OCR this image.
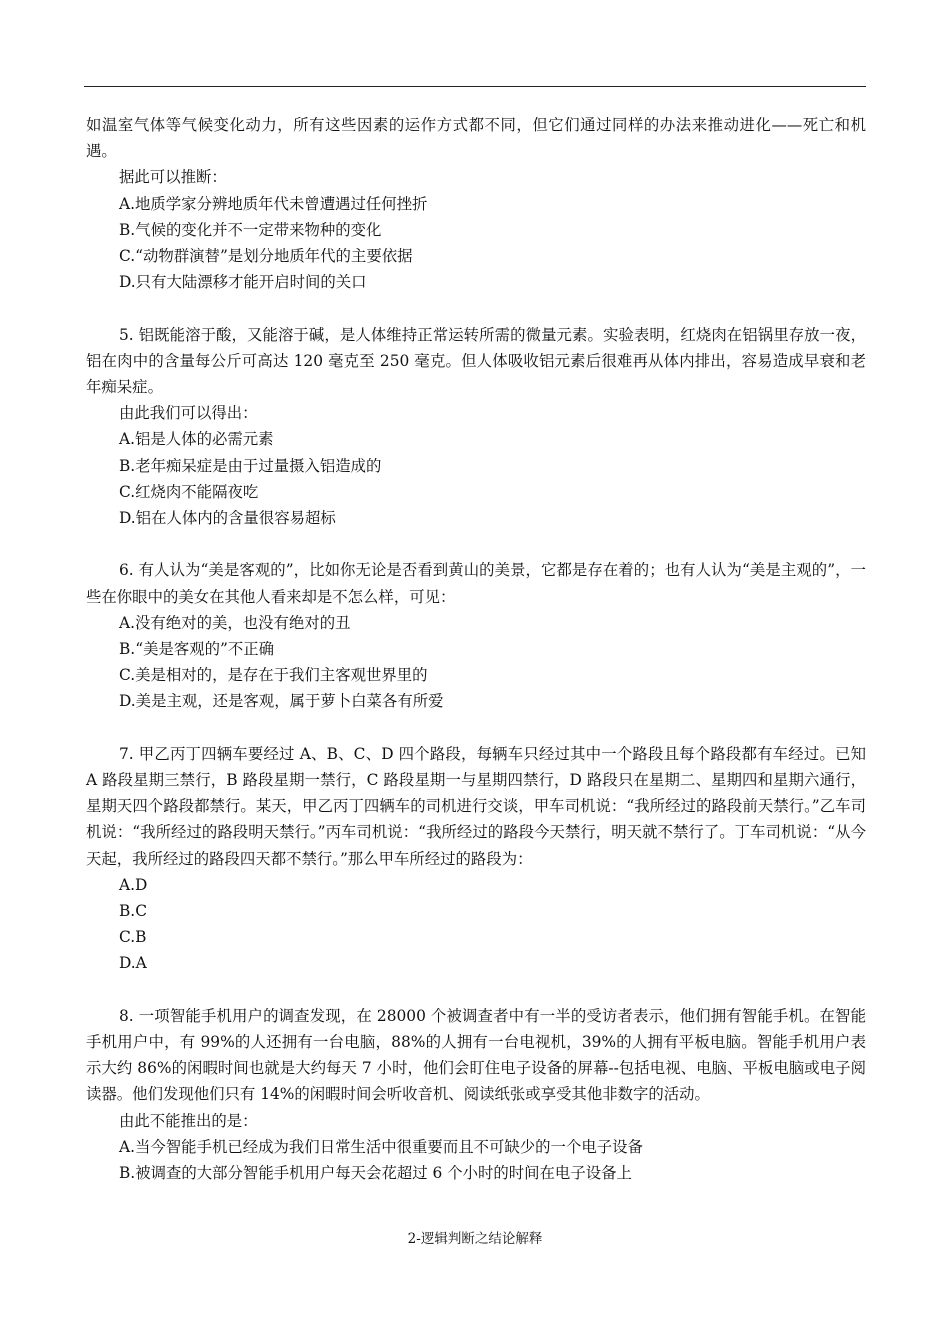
如温室气体等气候变化动力，所有这些因素的运作方式都不同，但它们通过同样的办法来推动进化——死亡和机遇。

据此可以推断：

A.地质学家分辨地质年代未曾遭遇过任何挫折

B.气候的变化并不一定带来物种的变化

C.“动物群演替”是划分地质年代的主要依据

D.只有大陆漂移才能开启时间的关口

5. 铝既能溶于酸，又能溶于碱，是人体维持正常运转所需的微量元素。实验表明，红烧肉在铝锅里存放一夜，铝在肉中的含量每公斤可高达 120 毫克至 250 毫克。但人体吸收铝元素后很难再从体内排出，容易造成早衰和老年痴呆症。

由此我们可以得出：

A.铝是人体的必需元素

B.老年痴呆症是由于过量摄入铝造成的

C.红烧肉不能隔夜吃

D.铝在人体内的含量很容易超标

6. 有人认为“美是客观的”，比如你无论是否看到黄山的美景，它都是存在着的；也有人认为“美是主观的”，一些在你眼中的美女在其他人看来却是不怎么样，可见：

A.没有绝对的美，也没有绝对的丑

B.“美是客观的”不正确

C.美是相对的，是存在于我们主客观世界里的

D.美是主观，还是客观，属于萝卜白菜各有所爱

7. 甲乙丙丁四辆车要经过 A、B、C、D 四个路段，每辆车只经过其中一个路段且每个路段都有车经过。已知 A 路段星期三禁行，B 路段星期一禁行，C 路段星期一与星期四禁行，D 路段只在星期二、星期四和星期六通行，星期天四个路段都禁行。某天，甲乙丙丁四辆车的司机进行交谈，甲车司机说：“我所经过的路段前天禁行。”乙车司机说：“我所经过的路段明天禁行。”丙车司机说：“我所经过的路段今天禁行，明天就不禁行了。丁车司机说：“从今天起，我所经过的路段四天都不禁行。”那么甲车所经过的路段为：

A.D

B.C

C.B

D.A

8. 一项智能手机用户的调查发现，在 28000 个被调查者中有一半的受访者表示，他们拥有智能手机。在智能手机用户中，有 99%的人还拥有一台电脑，88%的人拥有一台电视机，39%的人拥有平板电脑。智能手机用户表示大约 86%的闲暇时间也就是大约每天 7 小时，他们会盯住电子设备的屏幕--包括电视、电脑、平板电脑或电子阅读器。他们发现他们只有 14%的闲暇时间会听收音机、阅读纸张或享受其他非数字的活动。

由此不能推出的是：

A.当今智能手机已经成为我们日常生活中很重要而且不可缺少的一个电子设备

B.被调查的大部分智能手机用户每天会花超过 6 个小时的时间在电子设备上

2-逻辑判断之结论解释
